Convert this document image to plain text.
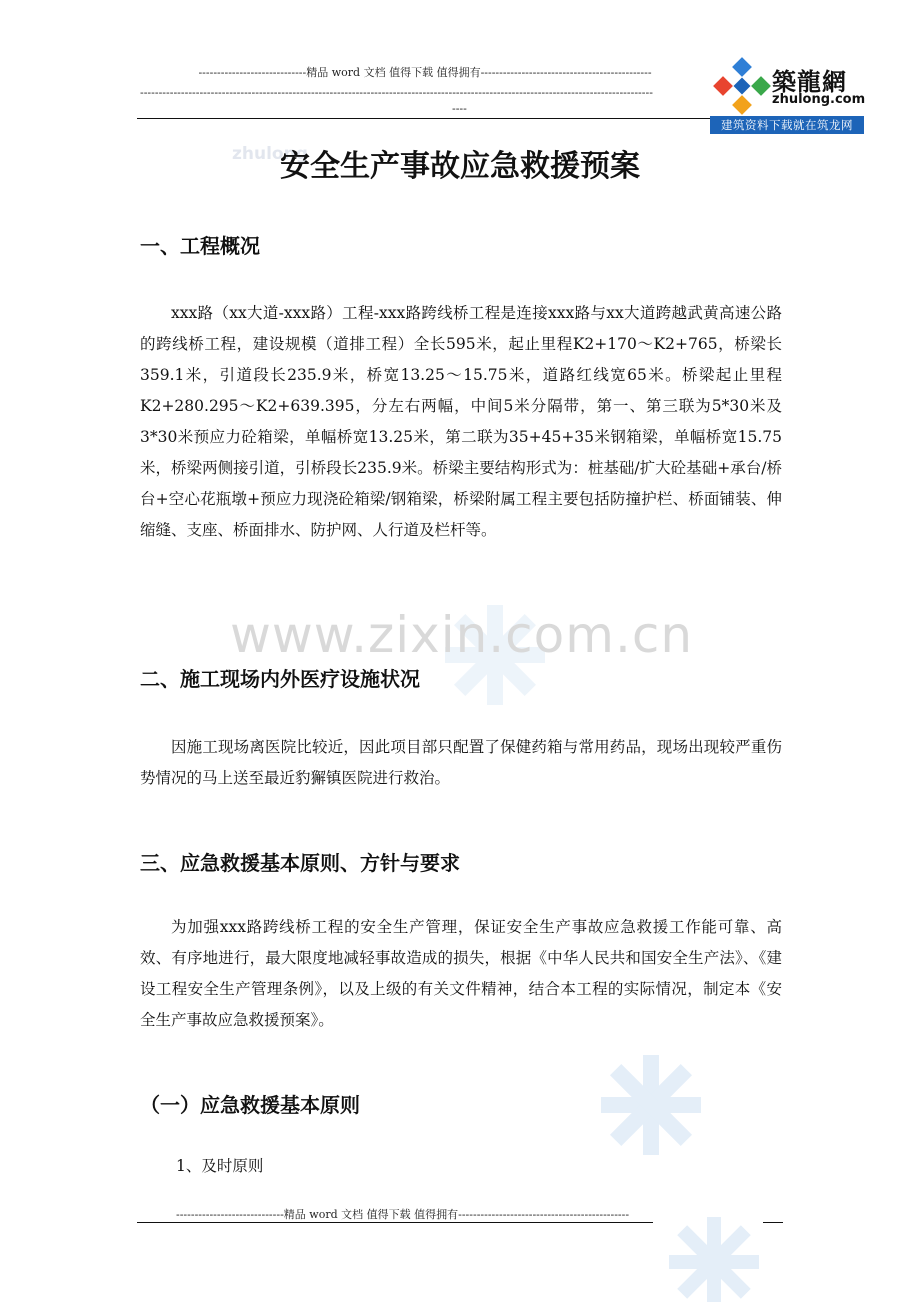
-----------------------------精品 word 文档 值得下载 值得拥有----------------------------------------------
------------------------------------------------------------------------------------------------------------------------------------------
----
築龍網
zhulong.com
建筑资料下载就在筑龙网
zhulong
www.zixin.com.cn
安全生产事故应急救援预案
一、工程概况
xxx路（xx大道-xxx路）工程-xxx路跨线桥工程是连接xxx路与xx大道跨越武黄高速公路的跨线桥工程，建设规模（道排工程）全长595米，起止里程K2+170～K2+765，桥梁长359.1米，引道段长235.9米，桥宽13.25～15.75米，道路红线宽65米。桥梁起止里程K2+280.295～K2+639.395，分左右两幅，中间5米分隔带，第一、第三联为5*30米及3*30米预应力砼箱梁，单幅桥宽13.25米，第二联为35+45+35米钢箱梁，单幅桥宽15.75米，桥梁两侧接引道，引桥段长235.9米。桥梁主要结构形式为：桩基础/扩大砼基础+承台/桥台+空心花瓶墩+预应力现浇砼箱梁/钢箱梁，桥梁附属工程主要包括防撞护栏、桥面铺装、伸缩缝、支座、桥面排水、防护网、人行道及栏杆等。
二、施工现场内外医疗设施状况
因施工现场离医院比较近，因此项目部只配置了保健药箱与常用药品，现场出现较严重伤势情况的马上送至最近豹獬镇医院进行救治。
三、应急救援基本原则、方针与要求
为加强xxx路跨线桥工程的安全生产管理，保证安全生产事故应急救援工作能可靠、高效、有序地进行，最大限度地减轻事故造成的损失，根据《中华人民共和国安全生产法》、《建设工程安全生产管理条例》，以及上级的有关文件精神，结合本工程的实际情况，制定本《安全生产事故应急救援预案》。
（一）应急救援基本原则
1、及时原则
-----------------------------精品 word 文档 值得下载 值得拥有----------------------------------------------
